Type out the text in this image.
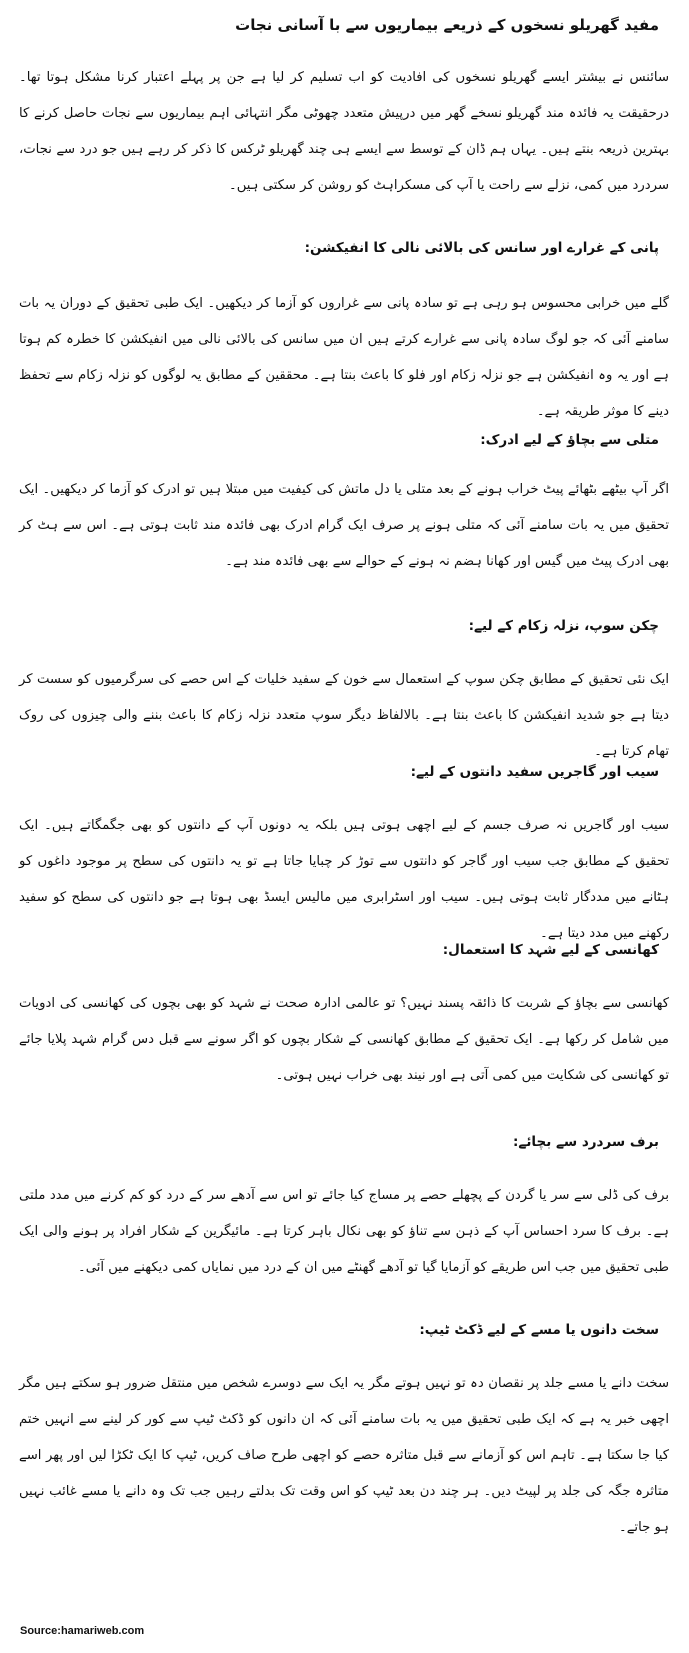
مفید گھریلو نسخوں کے ذریعے بیماریوں سے با آسانی نجات
سائنس نے بیشتر ایسے گھریلو نسخوں کی افادیت کو اب تسلیم کر لیا ہے جن پر پہلے اعتبار کرنا مشکل ہوتا تھا۔ درحقیقت یہ فائدہ مند گھریلو نسخے گھر میں درپیش متعدد چھوٹی مگر انتہائی اہم بیماریوں سے نجات حاصل کرنے کا بہترین ذریعہ بنتے ہیں۔ یہاں ہم ڈان کے توسط سے ایسے ہی چند گھریلو ٹرکس کا ذکر کر رہے ہیں جو درد سے نجات، سردرد میں کمی، نزلے سے راحت یا آپ کی مسکراہٹ کو روشن کر سکتی ہیں۔
پانی کے غرارے اور سانس کی بالائی نالی کا انفیکشن:
گلے میں خرابی محسوس ہو رہی ہے تو سادہ پانی سے غراروں کو آزما کر دیکھیں۔ ایک طبی تحقیق کے دوران یہ بات سامنے آئی کہ جو لوگ سادہ پانی سے غرارے کرتے ہیں ان میں سانس کی بالائی نالی میں انفیکشن کا خطرہ کم ہوتا ہے اور یہ وہ انفیکشن ہے جو نزلہ زکام اور فلو کا باعث بنتا ہے۔ محققین کے مطابق یہ لوگوں کو نزلہ زکام سے تحفظ دینے کا موثر طریقہ ہے۔
متلی سے بچاؤ کے لیے ادرک:
اگر آپ بیٹھے بٹھائے پیٹ خراب ہونے کے بعد متلی یا دل ماتش کی کیفیت میں مبتلا ہیں تو ادرک کو آزما کر دیکھیں۔ ایک تحقیق میں یہ بات سامنے آئی کہ متلی ہونے پر صرف ایک گرام ادرک بھی فائدہ مند ثابت ہوتی ہے۔ اس سے ہٹ کر بھی ادرک پیٹ میں گیس اور کھانا ہضم نہ ہونے کے حوالے سے بھی فائدہ مند ہے۔
چکن سوپ، نزلہ زکام کے لیے:
ایک نئی تحقیق کے مطابق چکن سوپ کے استعمال سے خون کے سفید خلیات کے اس حصے کی سرگرمیوں کو سست کر دیتا ہے جو شدید انفیکشن کا باعث بنتا ہے۔ بالالفاظ دیگر سوپ متعدد نزلہ زکام کا باعث بننے والی چیزوں کی روک تھام کرتا ہے۔
سیب اور گاجریں سفید دانتوں کے لیے:
سیب اور گاجریں نہ صرف جسم کے لیے اچھی ہوتی ہیں بلکہ یہ دونوں آپ کے دانتوں کو بھی جگمگاتے ہیں۔ ایک تحقیق کے مطابق جب سیب اور گاجر کو دانتوں سے توڑ کر چبایا جاتا ہے تو یہ دانتوں کی سطح پر موجود داغوں کو ہٹانے میں مددگار ثابت ہوتی ہیں۔ سیب اور اسٹرابری میں مالیس ایسڈ بھی ہوتا ہے جو دانتوں کی سطح کو سفید رکھنے میں مدد دیتا ہے۔
کھانسی کے لیے شہد کا استعمال:
کھانسی سے بچاؤ کے شربت کا ذائقہ پسند نہیں؟ تو عالمی ادارہ صحت نے شہد کو بھی بچوں کی کھانسی کی ادویات میں شامل کر رکھا ہے۔ ایک تحقیق کے مطابق کھانسی کے شکار بچوں کو اگر سونے سے قبل دس گرام شہد پلایا جائے تو کھانسی کی شکایت میں کمی آتی ہے اور نیند بھی خراب نہیں ہوتی۔
برف سردرد سے بچائے:
برف کی ڈلی سے سر یا گردن کے پچھلے حصے پر مساج کیا جائے تو اس سے آدھے سر کے درد کو کم کرنے میں مدد ملتی ہے۔ برف کا سرد احساس آپ کے ذہن سے تناؤ کو بھی نکال باہر کرتا ہے۔ مائیگرین کے شکار افراد پر ہونے والی ایک طبی تحقیق میں جب اس طریقے کو آزمایا گیا تو آدھے گھنٹے میں ان کے درد میں نمایاں کمی دیکھنے میں آئی۔
سخت دانوں یا مسے کے لیے ڈکٹ ٹیپ:
سخت دانے یا مسے جلد پر نقصان دہ تو نہیں ہوتے مگر یہ ایک سے دوسرے شخص میں منتقل ضرور ہو سکتے ہیں مگر اچھی خبر یہ ہے کہ ایک طبی تحقیق میں یہ بات سامنے آئی کہ ان دانوں کو ڈکٹ ٹیپ سے کور کر لینے سے انہیں ختم کیا جا سکتا ہے۔ تاہم اس کو آزمانے سے قبل متاثرہ حصے کو اچھی طرح صاف کریں، ٹیپ کا ایک ٹکڑا لیں اور پھر اسے متاثرہ جگہ کی جلد پر لپیٹ دیں۔ ہر چند دن بعد ٹیپ کو اس وقت تک بدلتے رہیں جب تک وہ دانے یا مسے غائب نہیں ہو جاتے۔
Source:hamariweb.com
